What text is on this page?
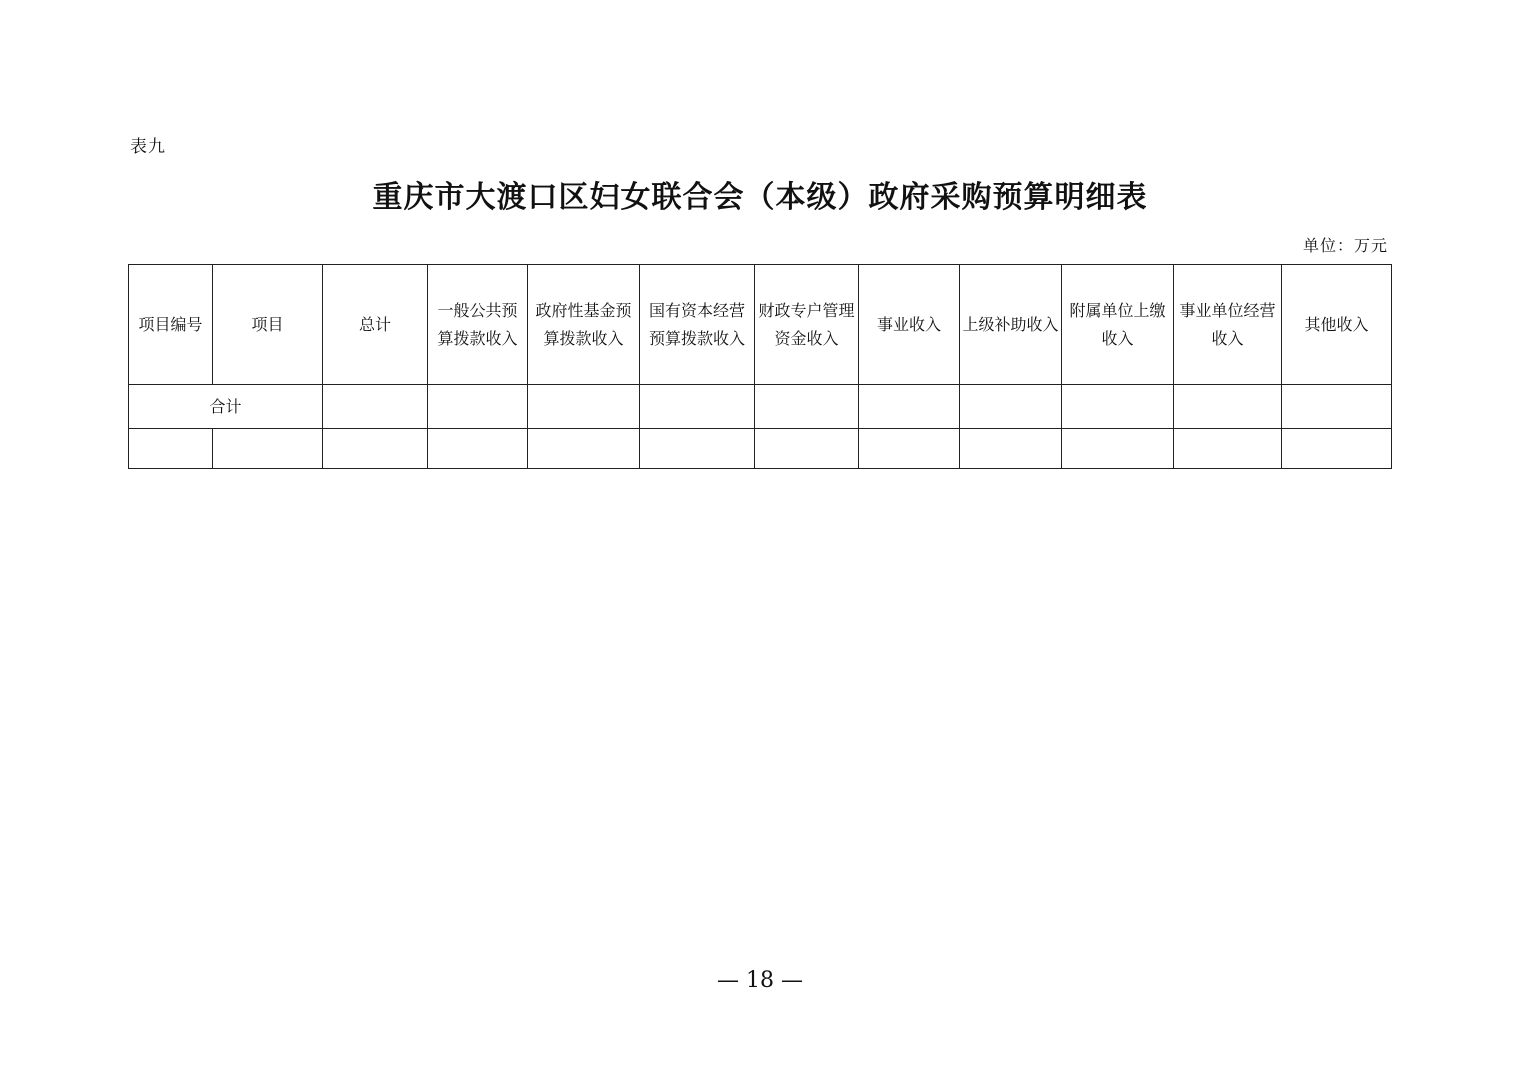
表九
重庆市大渡口区妇女联合会（本级）政府采购预算明细表
单位：万元
项目编号	项目	总计	一般公共预算拨款收入	政府性基金预算拨款收入	国有资本经营预算拨款收入	财政专户管理资金收入	事业收入	上级补助收入	附属单位上缴收入	事业单位经营收入	其他收入
合计											

— 18 —
